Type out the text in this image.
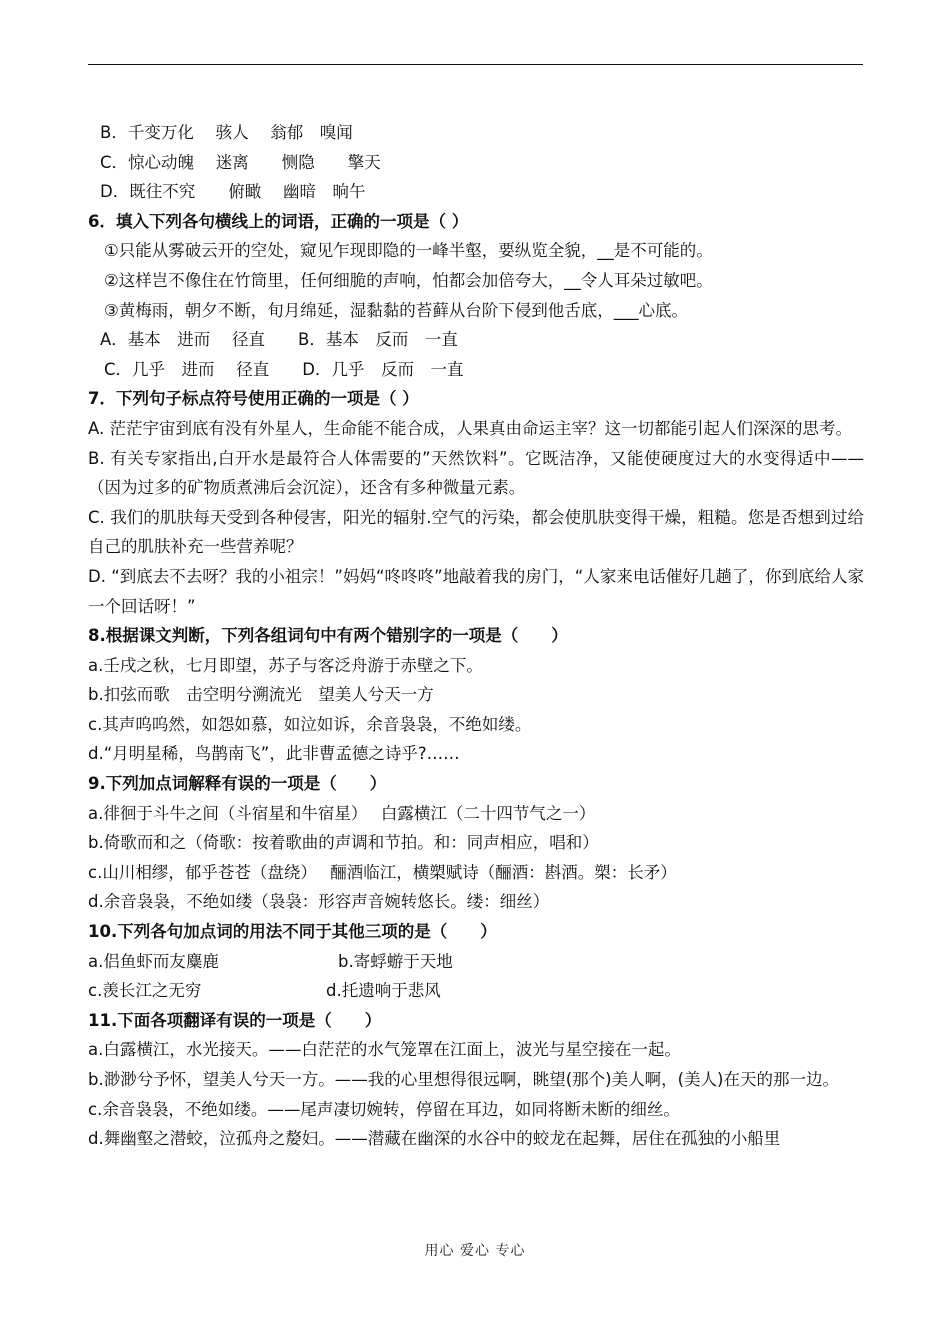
B．千变万化　 骇人　 翁郁　嗅闻
C．惊心动魄　 迷离　　恻隐　　擎天
D．既往不究　　俯瞰　 幽暗　晌午
6．填入下列各句横线上的词语，正确的一项是（ ）
①只能从雾破云开的空处，窥见乍现即隐的一峰半壑，要纵览全貌，__是不可能的。
②这样岂不像住在竹筒里，任何细脆的声响，怕都会加倍夸大，__令人耳朵过敏吧。
③黄梅雨，朝夕不断，旬月绵延，湿黏黏的苔藓从台阶下侵到他舌底，___心底。
A．基本　进而　 径直　　B．基本　反而　一直
C．几乎　进而　 径直　　D．几乎　反而　一直
7．下列句子标点符号使用正确的一项是（ ）
A. 茫茫宇宙到底有没有外星人，生命能不能合成，人果真由命运主宰？这一切都能引起人们深深的思考。
B. 有关专家指出,白开水是最符合人体需要的”天然饮料”。它既洁净，又能使硬度过大的水变得适中——（因为过多的矿物质煮沸后会沉淀），还含有多种微量元素。
C. 我们的肌肤每天受到各种侵害，阳光的辐射.空气的污染，都会使肌肤变得干燥，粗糙。您是否想到过给自己的肌肤补充一些营养呢？
D. “到底去不去呀？我的小祖宗！”妈妈“咚咚咚”地敲着我的房门，“人家来电话催好几趟了，你到底给人家一个回话呀！”
8.根据课文判断，下列各组词句中有两个错别字的一项是（　　）
a.壬戌之秋，七月即望，苏子与客泛舟游于赤壁之下。
b.扣弦而歌　击空明兮溯流光　望美人兮天一方
c.其声呜呜然，如怨如慕，如泣如诉，余音袅袅，不绝如缕。
d.“月明星稀，鸟鹊南飞”，此非曹孟德之诗乎?……
9.下列加点词解释有误的一项是（　　）
a.徘徊于斗牛之间（斗宿星和牛宿星）　 白露横江（二十四节气之一）
b.倚歌而和之（倚歌：按着歌曲的声调和节拍。和：同声相应，唱和）
c.山川相缪，郁乎苍苍（盘绕）　 酾酒临江，横槊赋诗（酾酒：斟酒。槊：长矛）
d.余音袅袅，不绝如缕（袅袅：形容声音婉转悠长。缕：细丝）
10.下列各句加点词的用法不同于其他三项的是（　　）
a.侣鱼虾而友麋鹿	b.寄蜉蝣于天地
c.羡长江之无穷	d.托遗响于悲风
11.下面各项翻译有误的一项是（　　）
a.白露横江，水光接天。——白茫茫的水气笼罩在江面上，波光与星空接在一起。
b.渺渺兮予怀，望美人兮天一方。——我的心里想得很远啊，眺望(那个)美人啊，(美人)在天的那一边。
c.余音袅袅，不绝如缕。——尾声凄切婉转，停留在耳边，如同将断未断的细丝。
d.舞幽壑之潜蛟，泣孤舟之嫠妇。——潜藏在幽深的水谷中的蛟龙在起舞，居住在孤独的小船里
用心 爱心 专心
